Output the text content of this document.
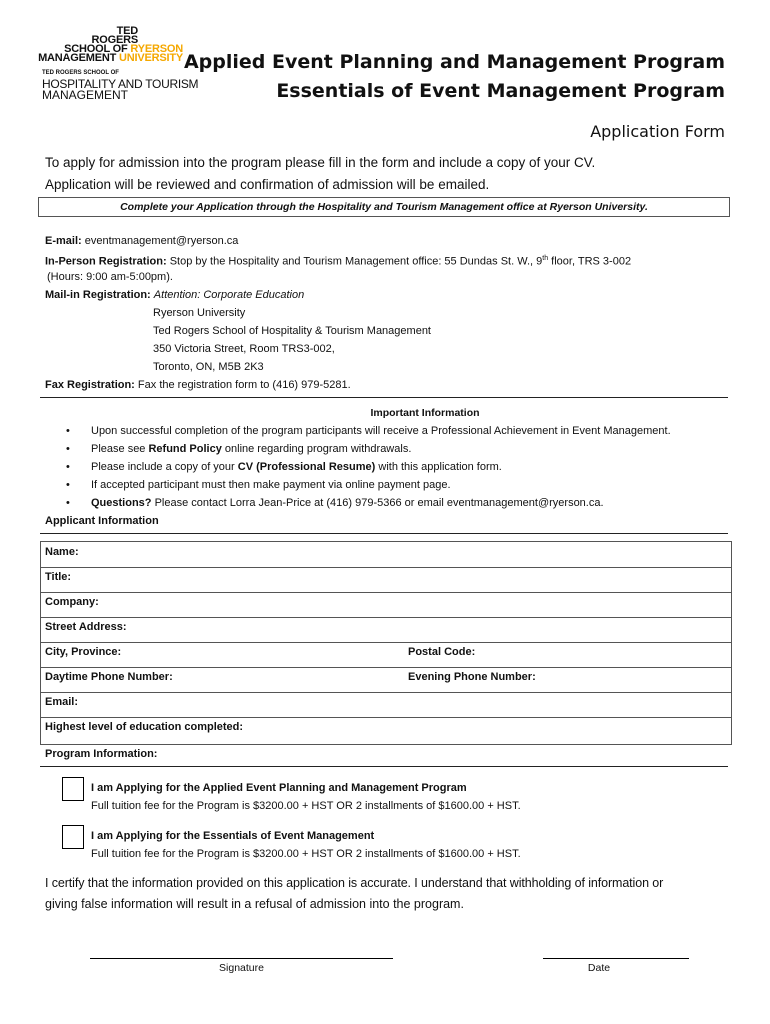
TED
ROGERS
SCHOOL OF RYERSON
MANAGEMENT UNIVERSITY
TED ROGERS SCHOOL OF
HOSPITALITY AND TOURISM
MANAGEMENT
Applied Event Planning and Management Program
Essentials of Event Management Program
Application Form
To apply for admission into the program please fill in the form and include a copy of your CV.
Application will be reviewed and confirmation of admission will be emailed.
Complete your Application through the Hospitality and Tourism Management office at Ryerson University.
E-mail: eventmanagement@ryerson.ca
In-Person Registration: Stop by the Hospitality and Tourism Management office: 55 Dundas St. W., 9th floor, TRS 3-002
(Hours: 9:00 am-5:00pm).
Mail-in Registration: Attention: Corporate Education
Ryerson University
Ted Rogers School of Hospitality & Tourism Management
350 Victoria Street, Room TRS3-002,
Toronto, ON, M5B 2K3
Fax Registration: Fax the registration form to (416) 979-5281.
Important Information
• Upon successful completion of the program participants will receive a Professional Achievement in Event Management.
• Please see Refund Policy online regarding program withdrawals.
• Please include a copy of your CV (Professional Resume) with this application form.
• If accepted participant must then make payment via online payment page.
• Questions? Please contact Lorra Jean-Price at (416) 979-5366 or email eventmanagement@ryerson.ca.
Applicant Information
Name:
Title:
Company:
Street Address:
City, Province:	Postal Code:
Daytime Phone Number:	Evening Phone Number:
Email:
Highest level of education completed:
Program Information:
I am Applying for the Applied Event Planning and Management Program
Full tuition fee for the Program is $3200.00 + HST OR 2 installments of $1600.00 + HST.
I am Applying for the Essentials of Event Management
Full tuition fee for the Program is $3200.00 + HST OR 2 installments of $1600.00 + HST.
I certify that the information provided on this application is accurate. I understand that withholding of information or
giving false information will result in a refusal of admission into the program.
Signature	Date
